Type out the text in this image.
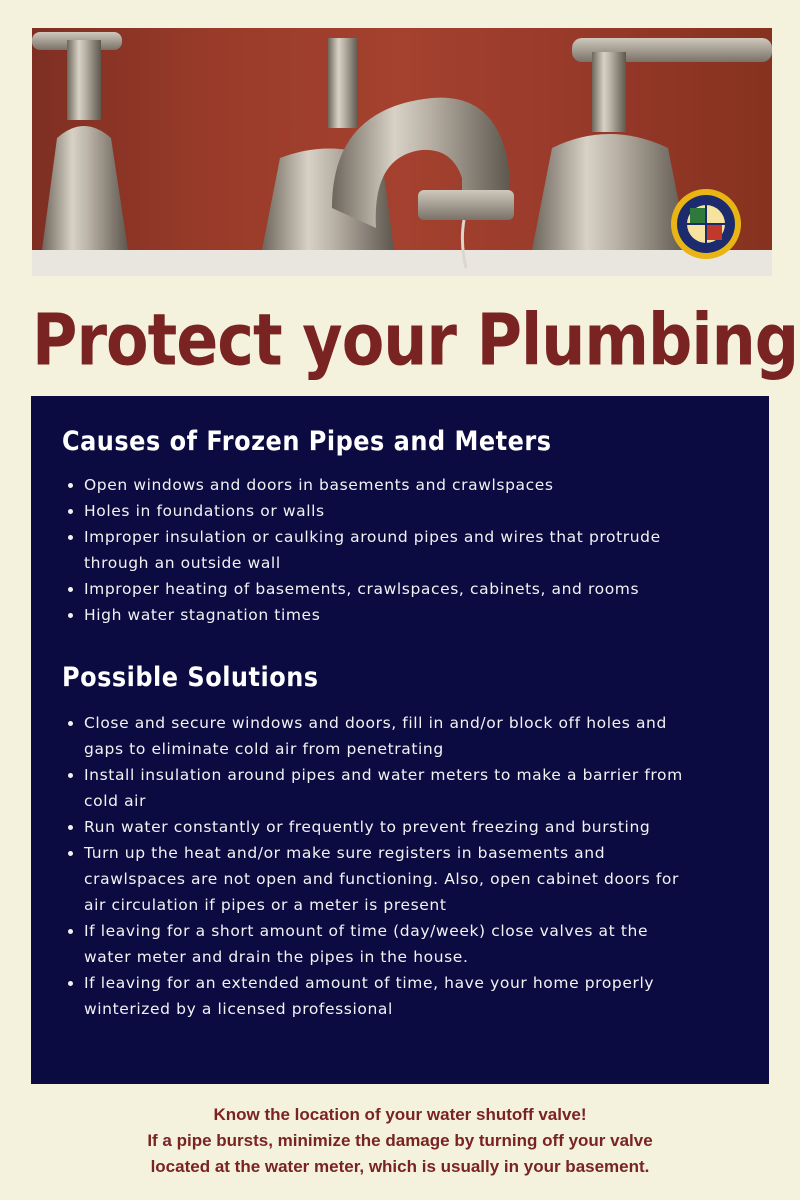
Protect your Plumbing
Causes of Frozen Pipes and Meters
• Open windows and doors in basements and crawlspaces
• Holes in foundations or walls
• Improper insulation or caulking around pipes and wires that protrude through an outside wall
• Improper heating of basements, crawlspaces, cabinets, and rooms
• High water stagnation times
Possible Solutions
• Close and secure windows and doors, fill in and/or block off holes and gaps to eliminate cold air from penetrating
• Install insulation around pipes and water meters to make a barrier from cold air
• Run water constantly or frequently to prevent freezing and bursting
• Turn up the heat and/or make sure registers in basements and crawlspaces are not open and functioning. Also, open cabinet doors for air circulation if pipes or a meter is present
• If leaving for a short amount of time (day/week) close valves at the water meter and drain the pipes in the house.
• If leaving for an extended amount of time, have your home properly winterized by a licensed professional
Know the location of your water shutoff valve!
If a pipe bursts, minimize the damage by turning off your valve
located at the water meter, which is usually in your basement.
